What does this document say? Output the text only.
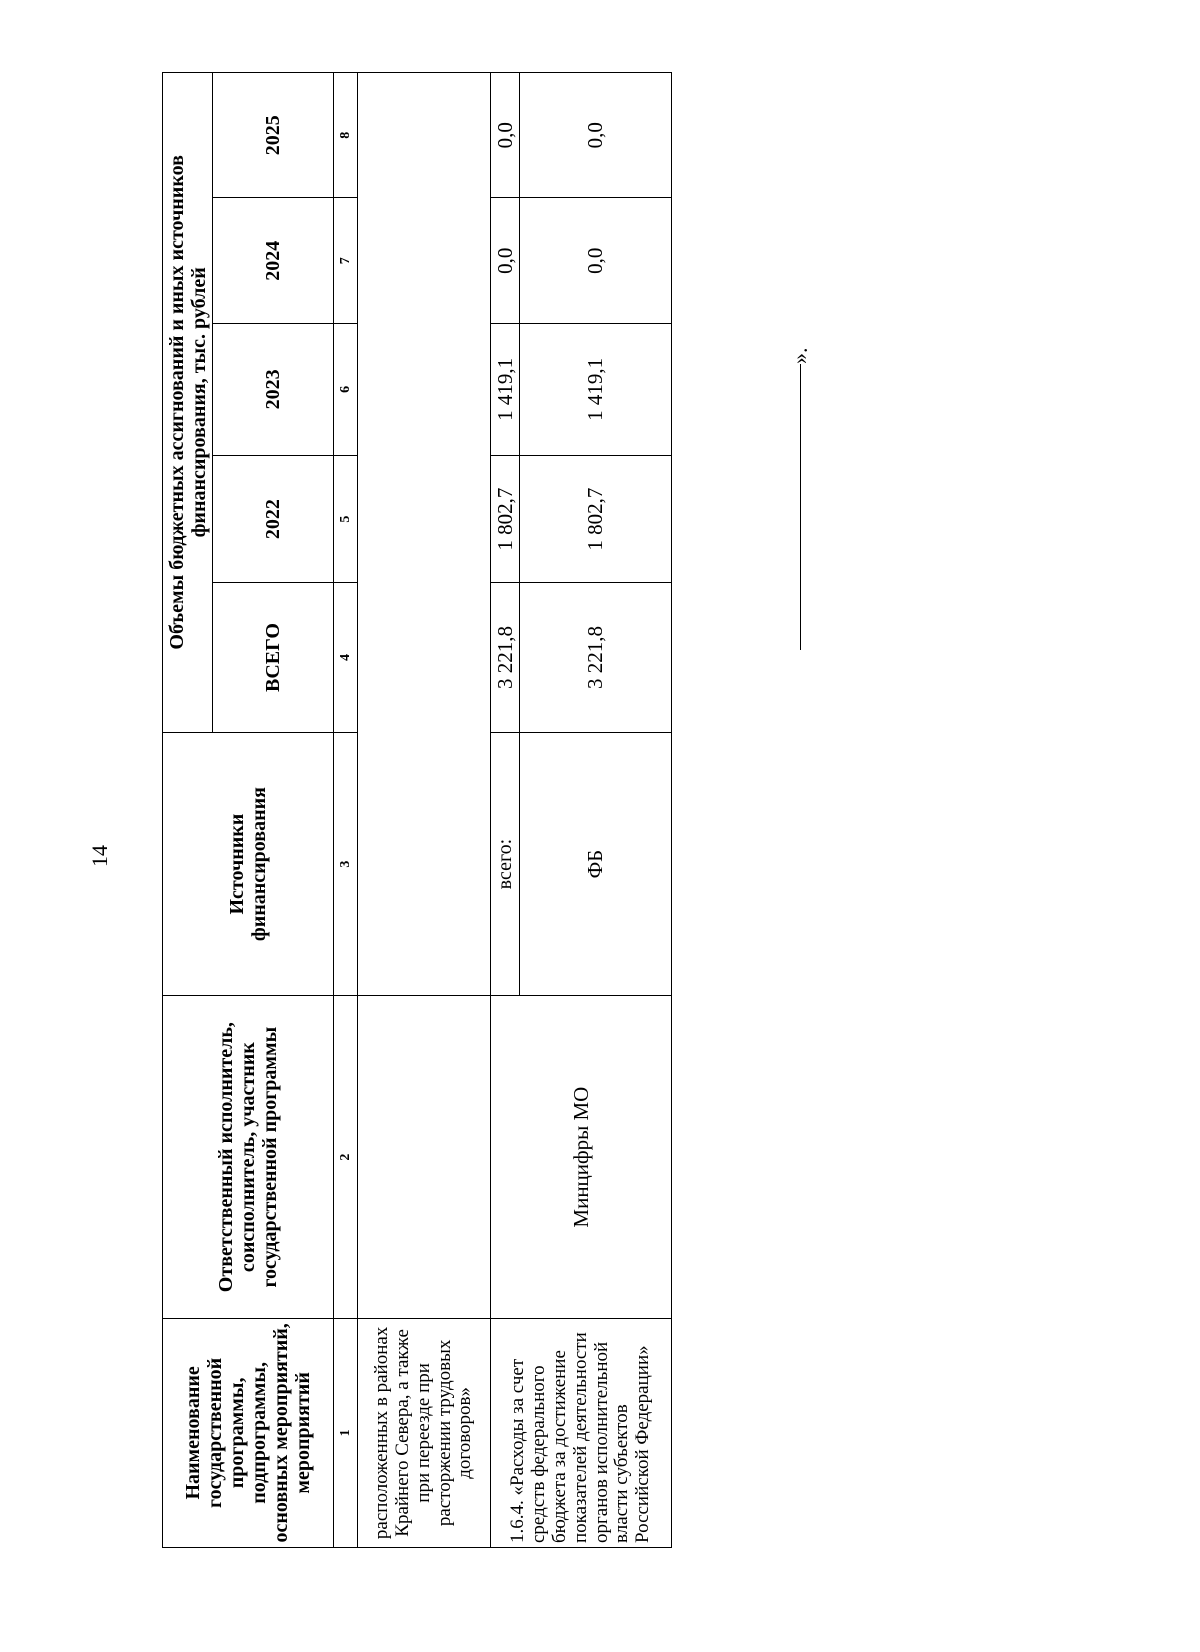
14
Наименование государственной программы, подпрограммы, основных мероприятий, мероприятий	Ответственный исполнитель, соисполнитель, участник государственной программы	Источники финансирования	Объемы бюджетных ассигнований и иных источников финансирования, тыс. рублей				
			ВСЕГО	2022	2023	2024	2025
1	2	3	4	5	6	7	8
расположенных в районах Крайнего Севера, а также при переезде при расторжении трудовых договоров»							
1.6.4. «Расходы за счет средств федерального бюджета за достижение показателей деятельности органов исполнительной власти субъектов Российской Федерации»	Минцифры МО	всего:	3 221,8	1 802,7	1 419,1	0,0	0,0
		ФБ	3 221,8	1 802,7	1 419,1	0,0	0,0
».
